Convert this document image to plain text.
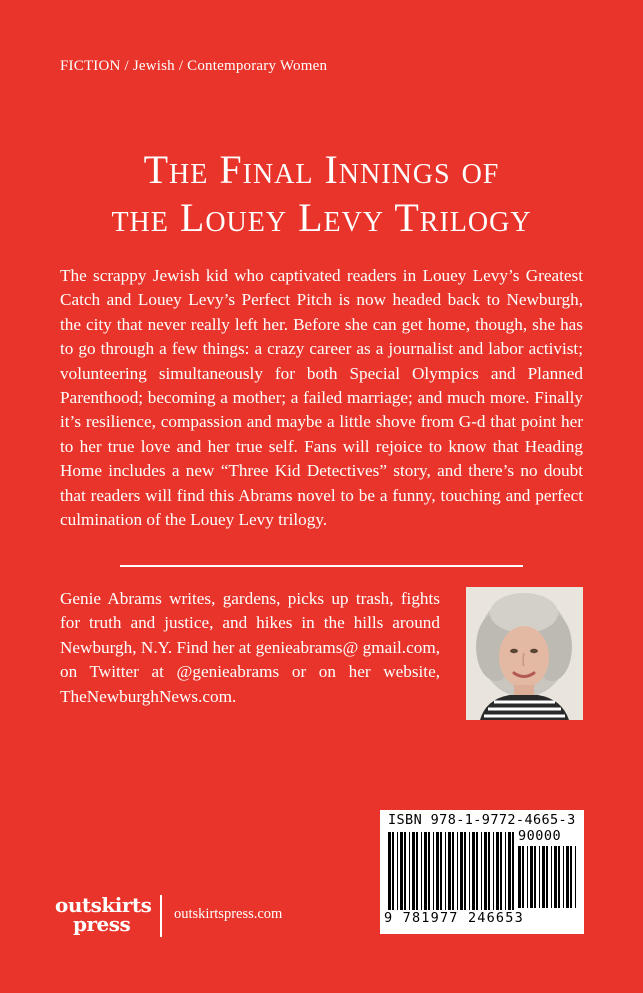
FICTION / Jewish / Contemporary Women
The Final Innings of
the Louey Levy Trilogy
The scrappy Jewish kid who captivated readers in Louey Levy’s Greatest Catch and Louey Levy’s Perfect Pitch is now headed back to Newburgh, the city that never really left her. Before she can get home, though, she has to go through a few things: a crazy career as a journalist and labor activist; volunteering simultaneously for both Special Olympics and Planned Parenthood; becoming a mother; a failed marriage; and much more. Finally it’s resilience, compassion and maybe a little shove from G-d that point her to her true love and her true self. Fans will rejoice to know that Heading Home includes a new “Three Kid Detectives” story, and there’s no doubt that readers will find this Abrams novel to be a funny, touching and perfect culmination of the Louey Levy trilogy.
Genie Abrams writes, gardens, picks up trash, fights for truth and justice, and hikes in the hills around Newburgh, N.Y. Find her at genieabrams@ gmail.com, on Twitter at @genieabrams or on her website, TheNewburghNews.com.
ISBN 978-1-9772-4665-3
90000
9 781977 246653
outskirts
press	outskirtspress.com
